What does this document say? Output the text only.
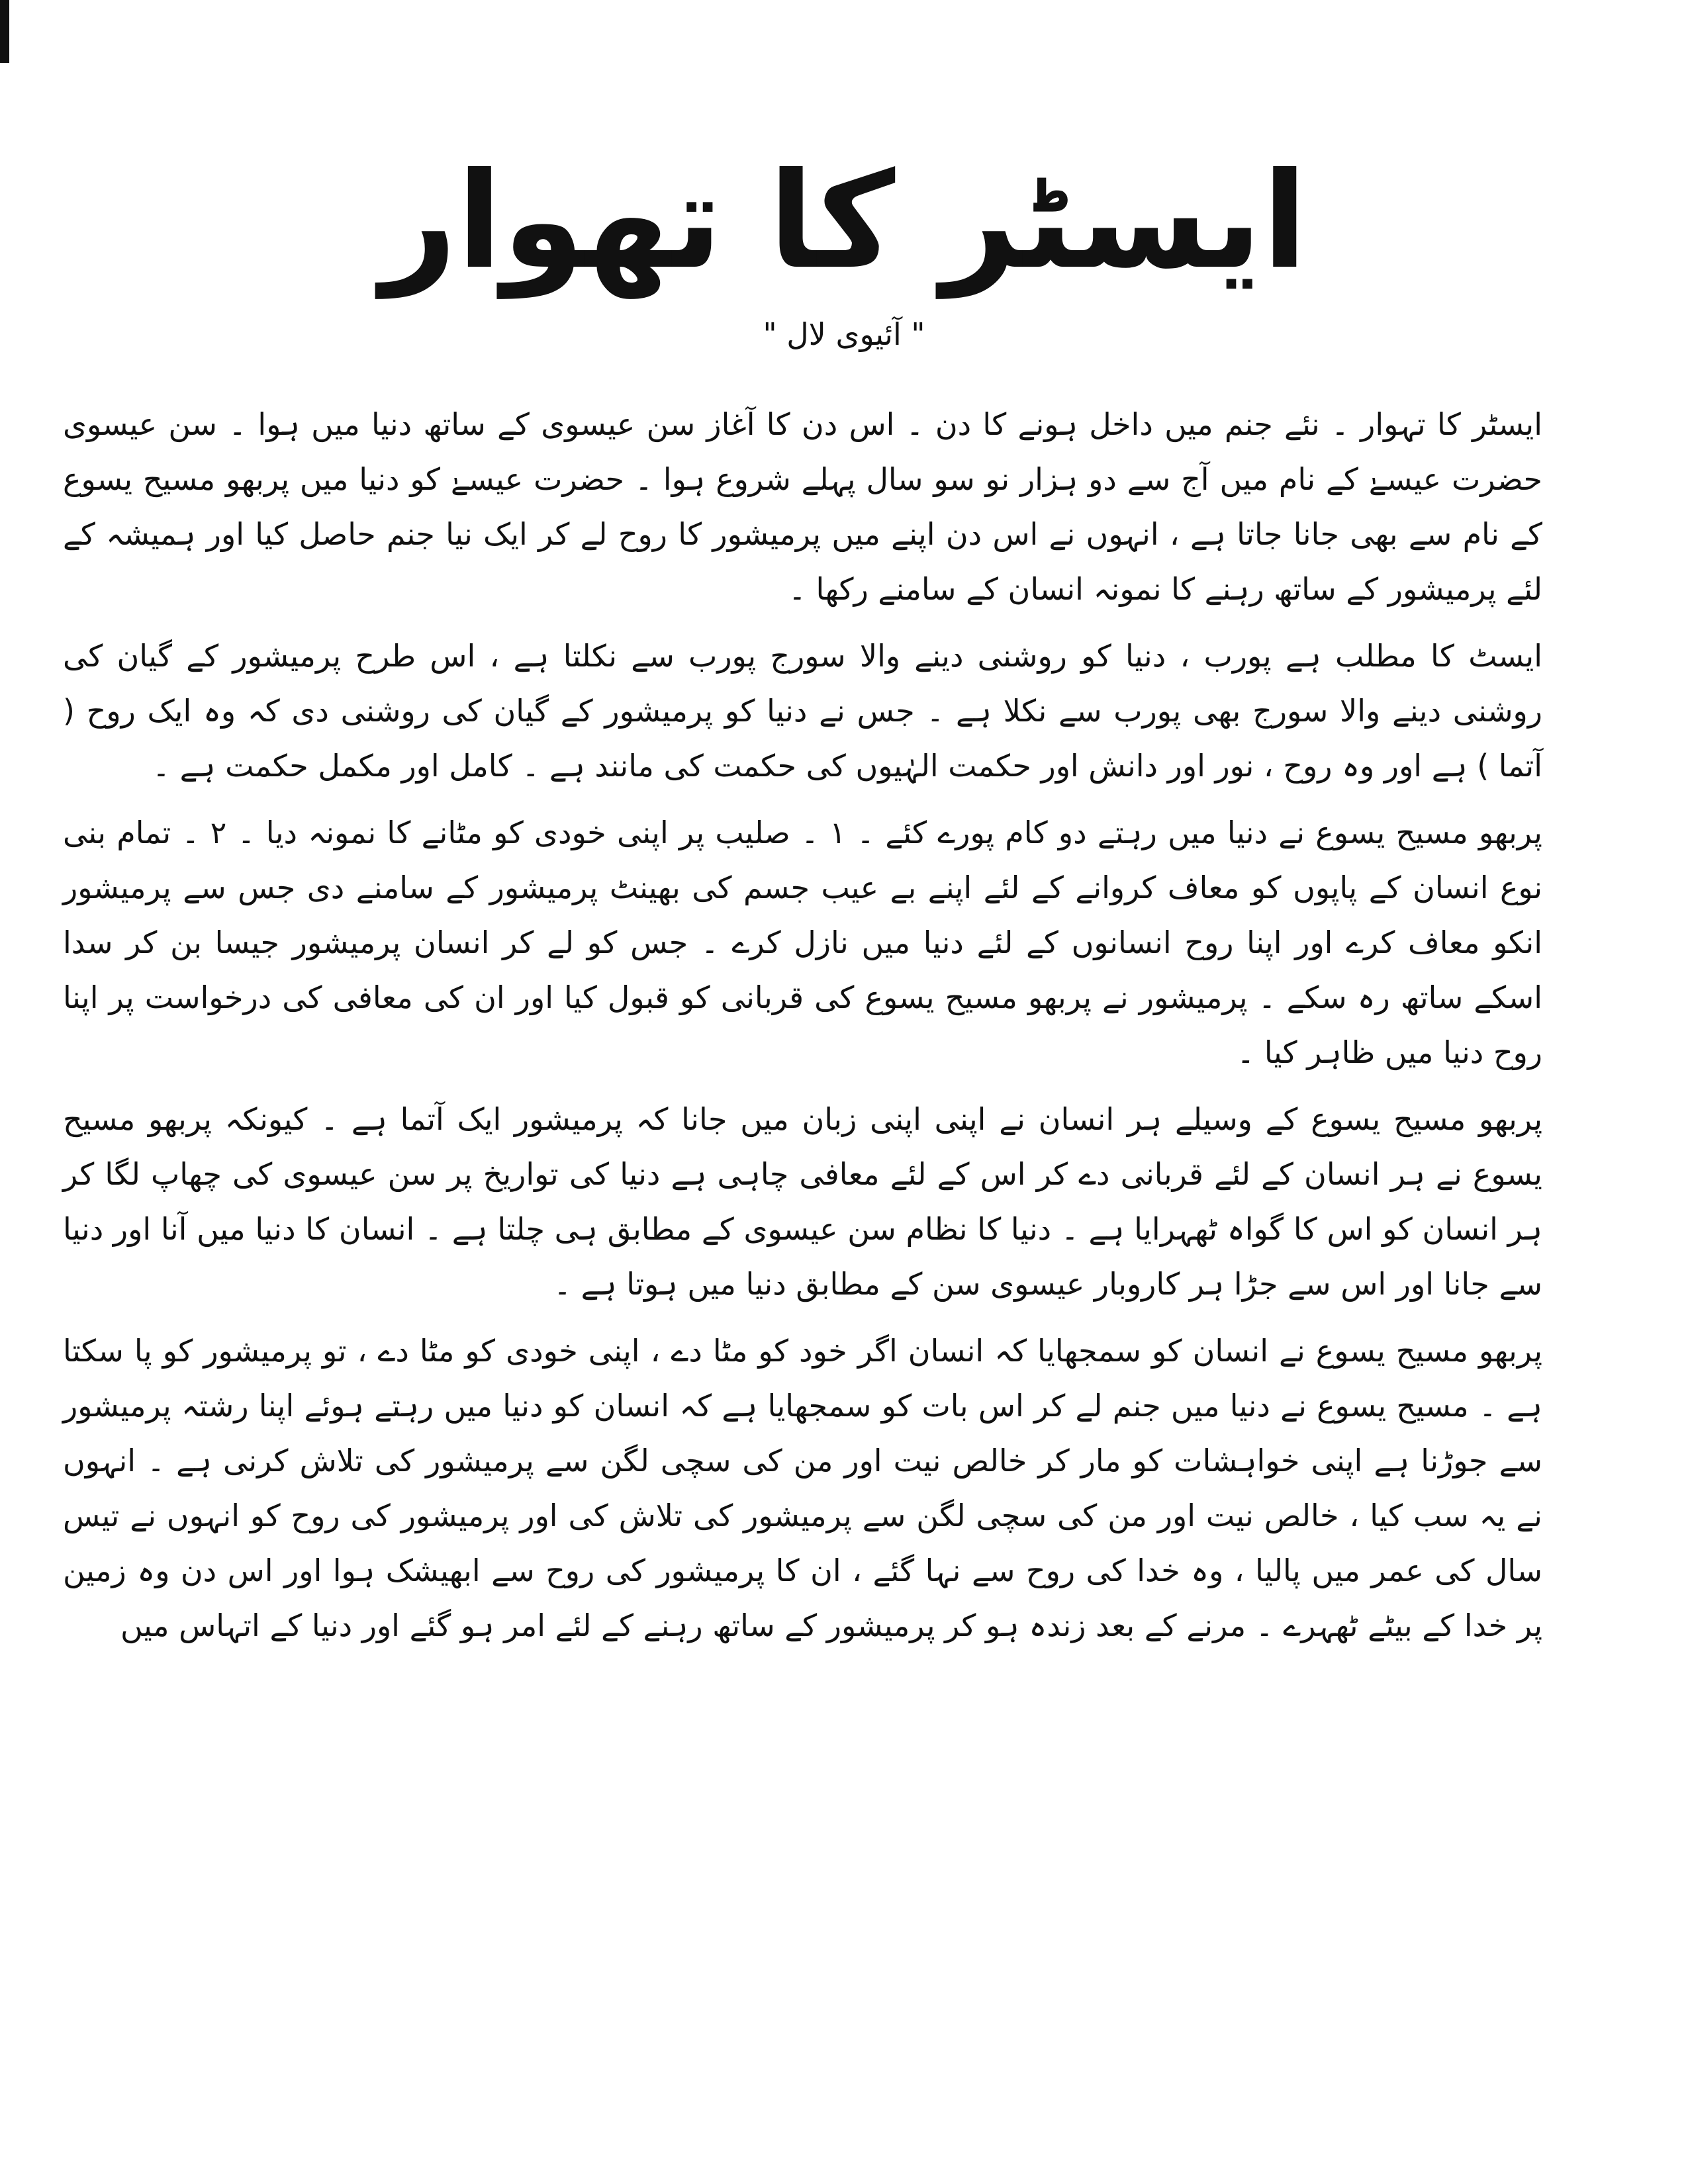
ایسٹر کا تھوار
" آئیوی لال "

ایسٹر کا تہوار ۔ نئے جنم میں داخل ہونے کا دن ۔ اس دن کا آغاز سن عیسوی کے ساتھ دنیا میں ہوا ۔ سن عیسوی حضرت عیسےٰ کے نام میں آج سے دو ہزار نو سو سال پہلے شروع ہوا ۔ حضرت عیسےٰ کو دنیا میں پربھو مسیح یسوع کے نام سے بھی جانا جاتا ہے ، انہوں نے اس دن اپنے میں پرمیشور کا روح لے کر ایک نیا جنم حاصل کیا اور ہمیشہ کے لئے پرمیشور کے ساتھ رہنے کا نمونہ انسان کے سامنے رکھا ۔

ایسٹ کا مطلب ہے پورب ، دنیا کو روشنی دینے والا سورج پورب سے نکلتا ہے ، اس طرح پرمیشور کے گیان کی روشنی دینے والا سورج بھی پورب سے نکلا ہے ۔ جس نے دنیا کو پرمیشور کے گیان کی روشنی دی کہ وہ ایک روح ( آتما ) ہے اور وہ روح ، نور اور دانش اور حکمت الہٰیوں کی حکمت کی مانند ہے ۔ کامل اور مکمل حکمت ہے ۔

پربھو مسیح یسوع نے دنیا میں رہتے دو کام پورے کئے ۔ ۱ ۔ صلیب پر اپنی خودی کو مٹانے کا نمونہ دیا ۔ ۲ ۔ تمام بنی نوع انسان کے پاپوں کو معاف کروانے کے لئے اپنے بے عیب جسم کی بھینٹ پرمیشور کے سامنے دی جس سے پرمیشور انکو معاف کرے اور اپنا روح انسانوں کے لئے دنیا میں نازل کرے ۔ جس کو لے کر انسان پرمیشور جیسا بن کر سدا اسکے ساتھ رہ سکے ۔ پرمیشور نے پربھو مسیح یسوع کی قربانی کو قبول کیا اور ان کی معافی کی درخواست پر اپنا روح دنیا میں ظاہر کیا ۔

پربھو مسیح یسوع کے وسیلے ہر انسان نے اپنی اپنی زبان میں جانا کہ پرمیشور ایک آتما ہے ۔ کیونکہ پربھو مسیح یسوع نے ہر انسان کے لئے قربانی دے کر اس کے لئے معافی چاہی ہے دنیا کی تواریخ پر سن عیسوی کی چھاپ لگا کر ہر انسان کو اس کا گواہ ٹھہرایا ہے ۔ دنیا کا نظام سن عیسوی کے مطابق ہی چلتا ہے ۔ انسان کا دنیا میں آنا اور دنیا سے جانا اور اس سے جڑا ہر کاروبار عیسوی سن کے مطابق دنیا میں ہوتا ہے ۔

پربھو مسیح یسوع نے انسان کو سمجھایا کہ انسان اگر خود کو مٹا دے ، اپنی خودی کو مٹا دے ، تو پرمیشور کو پا سکتا ہے ۔ مسیح یسوع نے دنیا میں جنم لے کر اس بات کو سمجھایا ہے کہ انسان کو دنیا میں رہتے ہوئے اپنا رشتہ پرمیشور سے جوڑنا ہے اپنی خواہشات کو مار کر خالص نیت اور من کی سچی لگن سے پرمیشور کی تلاش کرنی ہے ۔ انہوں نے یہ سب کیا ، خالص نیت اور من کی سچی لگن سے پرمیشور کی تلاش کی اور پرمیشور کی روح کو انہوں نے تیس سال کی عمر میں پالیا ، وہ خدا کی روح سے نہا گئے ، ان کا پرمیشور کی روح سے ابھیشک ہوا اور اس دن وہ زمین پر خدا کے بیٹے ٹھہرے ۔ مرنے کے بعد زندہ ہو کر پرمیشور کے ساتھ رہنے کے لئے امر ہو گئے اور دنیا کے اتہاس میں
